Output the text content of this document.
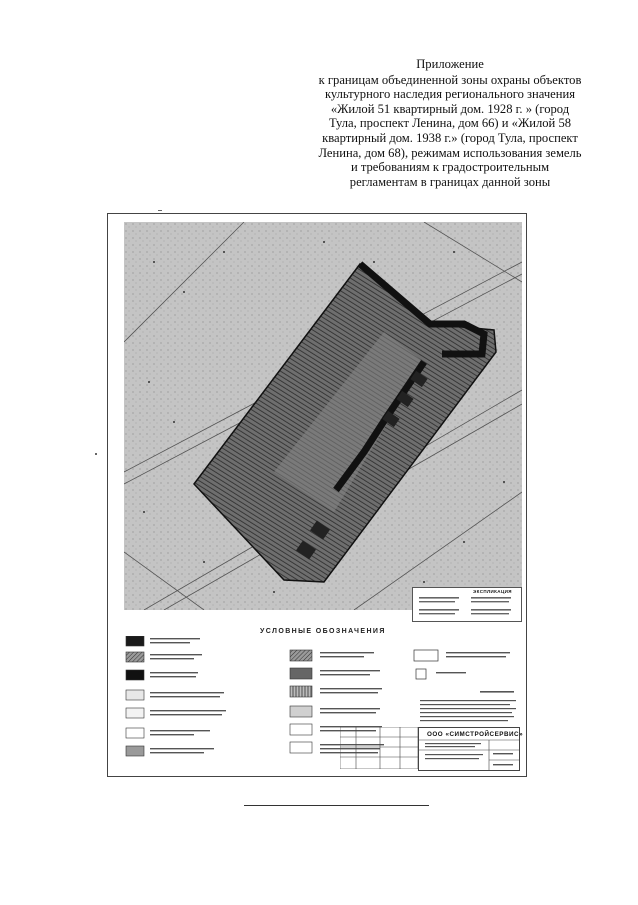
Приложение
к границам объединенной зоны охраны объектов
культурного наследия регионального значения
«Жилой 51 квартирный дом. 1928 г. » (город
Тула, проспект Ленина, дом 66) и «Жилой 58
квартирный дом. 1938 г.» (город Тула, проспект
Ленина, дом 68), режимам использования земель
и требованиям к градостроительным
регламентам в границах данной зоны
ЭКСПЛИКАЦИЯ
УСЛОВНЫЕ ОБОЗНАЧЕНИЯ
ООО «СИМСТРОЙСЕРВИС»
